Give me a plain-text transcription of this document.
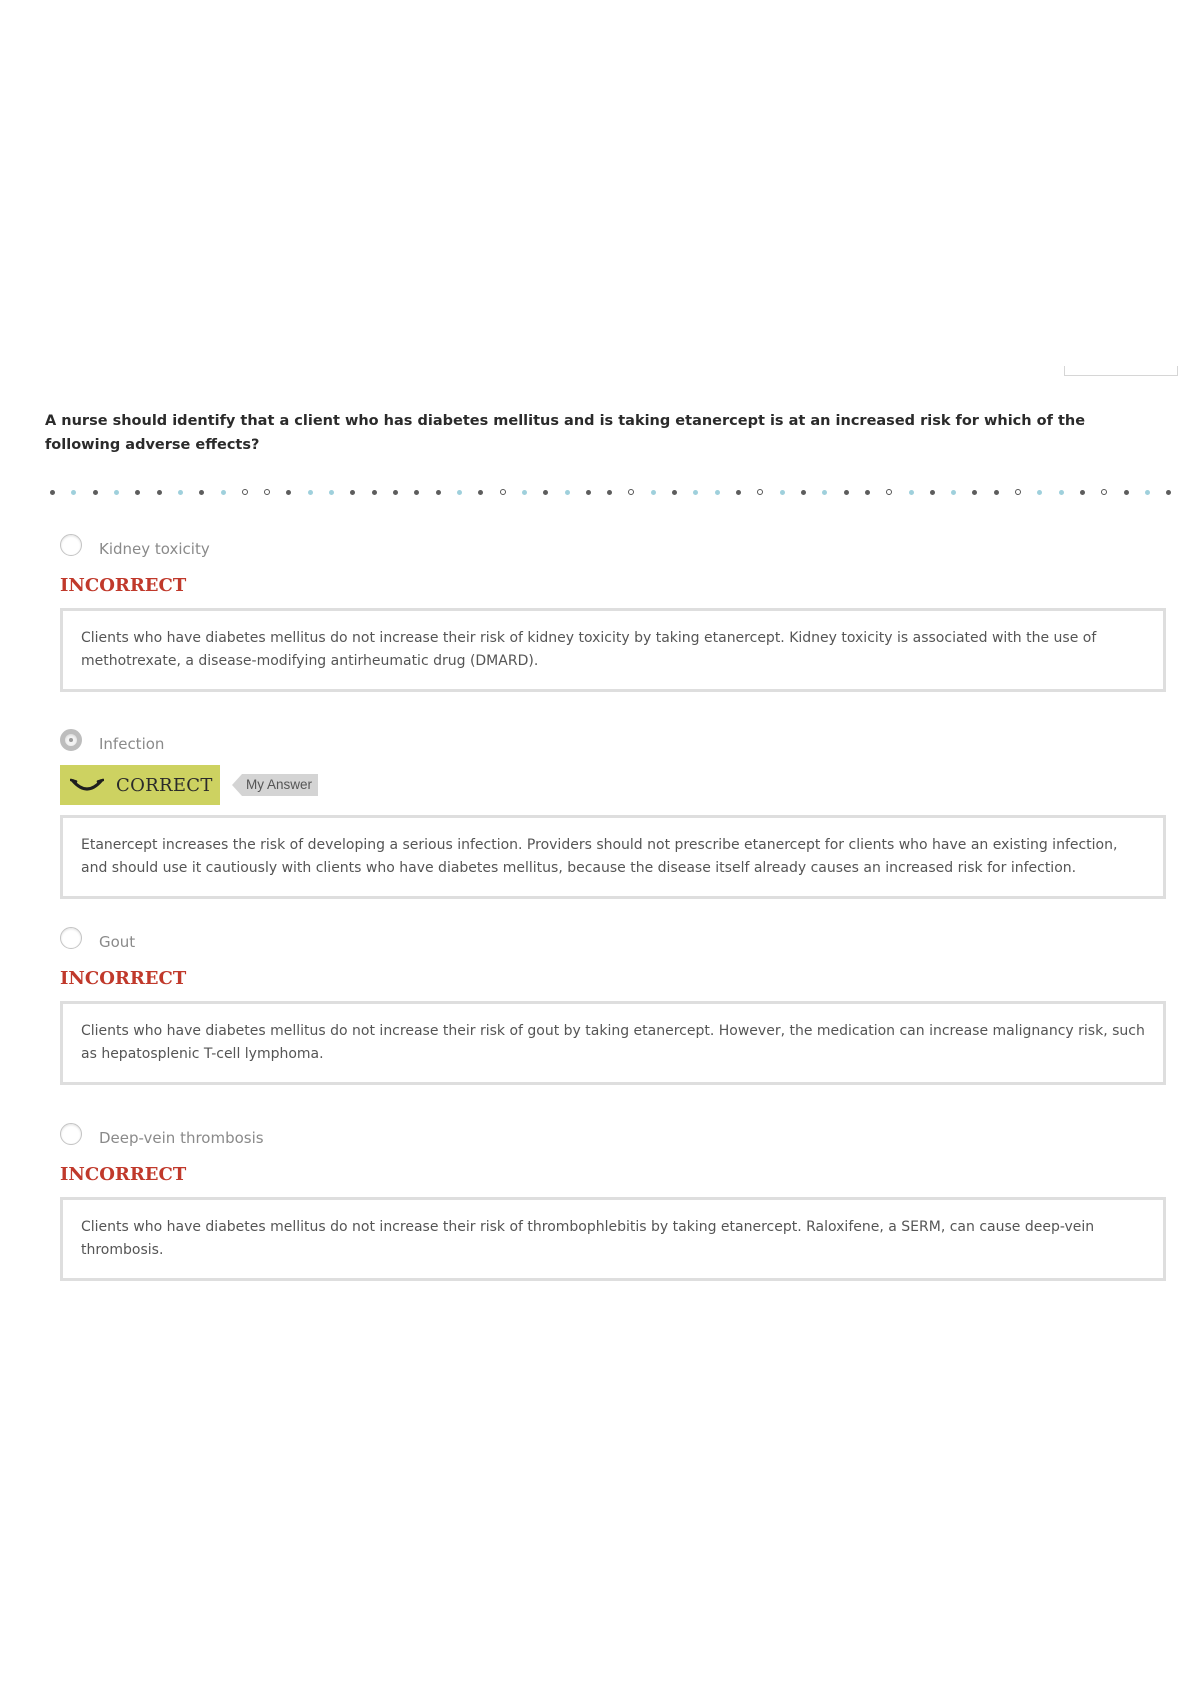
A nurse should identify that a client who has diabetes mellitus and is taking etanercept is at an increased risk for which of the following adverse effects?
Kidney toxicity
INCORRECT
Clients who have diabetes mellitus do not increase their risk of kidney toxicity by taking etanercept. Kidney toxicity is associated with the use of methotrexate, a disease-modifying antirheumatic drug (DMARD).
Infection
CORRECT My Answer
Etanercept increases the risk of developing a serious infection. Providers should not prescribe etanercept for clients who have an existing infection, and should use it cautiously with clients who have diabetes mellitus, because the disease itself already causes an increased risk for infection.
Gout
INCORRECT
Clients who have diabetes mellitus do not increase their risk of gout by taking etanercept. However, the medication can increase malignancy risk, such as hepatosplenic T-cell lymphoma.
Deep-vein thrombosis
INCORRECT
Clients who have diabetes mellitus do not increase their risk of thrombophlebitis by taking etanercept. Raloxifene, a SERM, can cause deep-vein thrombosis.
